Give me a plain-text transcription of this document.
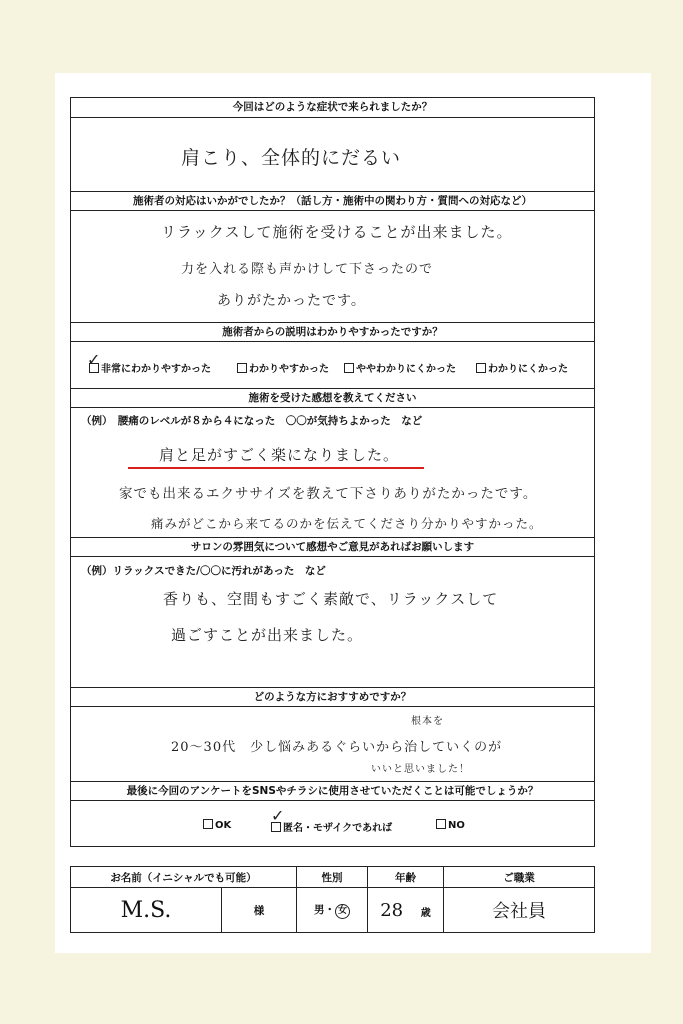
今回はどのような症状で来られましたか？
肩こり、全体的にだるい
施術者の対応はいかがでしたか？（話し方・施術中の関わり方・質問への対応など）
リラックスして施術を受けることが出来ました。
力を入れる際も声かけして下さったので
ありがたかったです。
施術者からの説明はわかりやすかったですか？
非常にわかりやすかった
✓
わかりやすかった	ややわかりにくかった	わかりにくかった
施術を受けた感想を教えてください
（例）　腰痛のレベルが８から４になった　〇〇が気持ちよかった　など
肩と足がすごく楽になりました。
家でも出来るエクササイズを教えて下さりありがたかったです。
痛みがどこから来てるのかを伝えてくださり分かりやすかった。
サロンの雰囲気について感想やご意見があればお願いします
（例）リラックスできた/〇〇に汚れがあった　など
香りも、空間もすごく素敵で、リラックスして
過ごすことが出来ました。
どのような方におすすめですか？
根本を
20～30代　少し悩みあるぐらいから治していくのが
いいと思いました！
最後に今回のアンケートをSNSやチラシに使用させていただくことは可能でしょうか？
OK	匿名・モザイクであれば
✓
NO
お名前（イニシャルでも可能）		性別	年齢	ご職業
M.S.	様	男・ 女	28 歳	会社員
